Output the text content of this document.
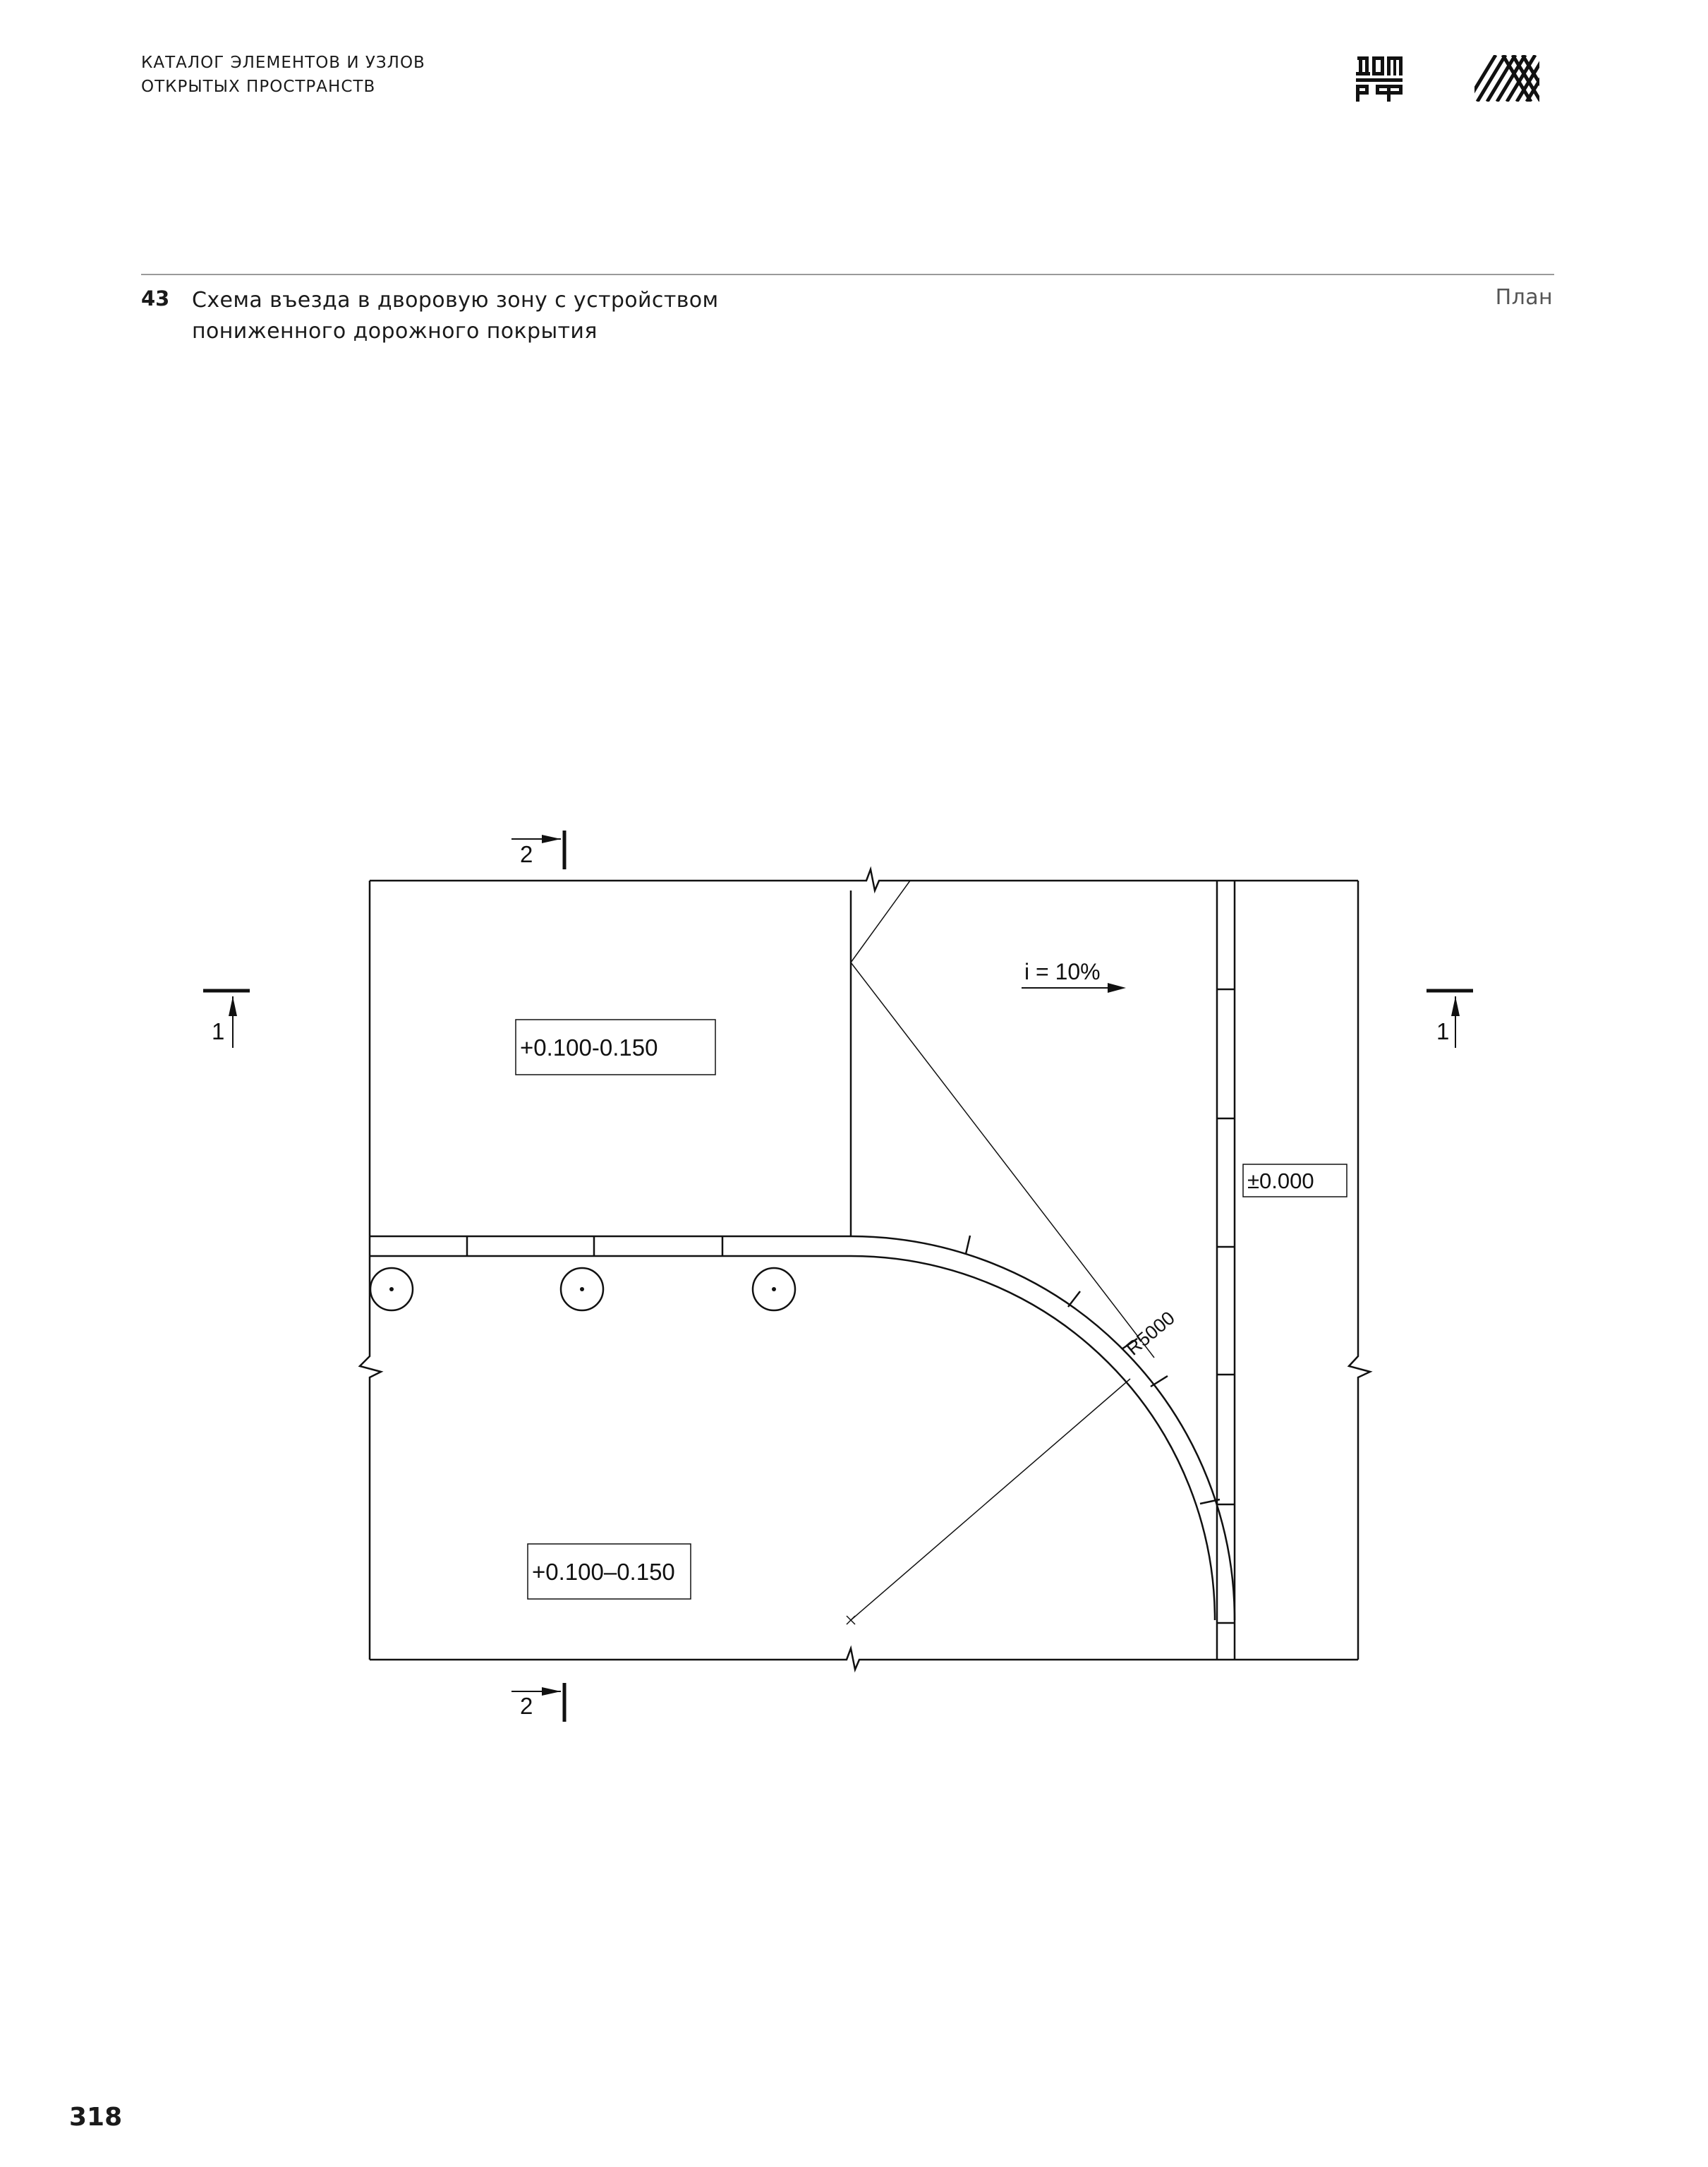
КАТАЛОГ ЭЛЕМЕНТОВ И УЗЛОВ
ОТКРЫТЫХ ПРОСТРАНСТВ
43 Схема въезда в дворовую зону с устройством
пониженного дорожного покрытия
План
+0.100-0.150
+0.100–0.150
±0.000
i = 10%
R5000
1	1
2
2
318
